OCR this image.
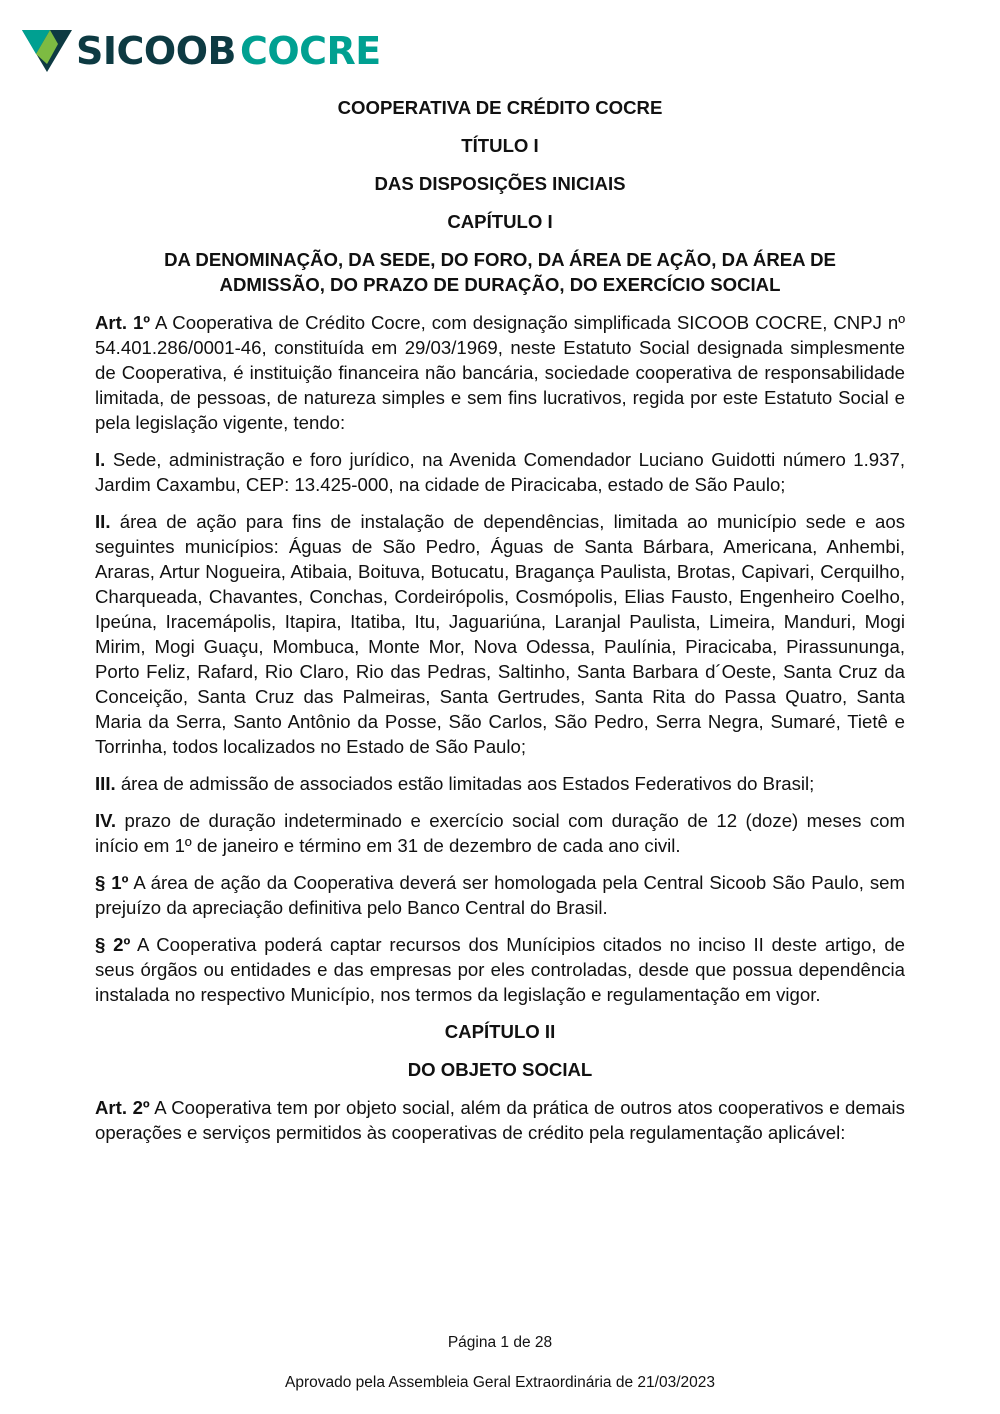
SICOOB COCRE
COOPERATIVA DE CRÉDITO COCRE
TÍTULO I
DAS DISPOSIÇÕES INICIAIS
CAPÍTULO I
DA DENOMINAÇÃO, DA SEDE, DO FORO, DA ÁREA DE AÇÃO, DA ÁREA DE ADMISSÃO, DO PRAZO DE DURAÇÃO, DO EXERCÍCIO SOCIAL

Art. 1º A Cooperativa de Crédito Cocre, com designação simplificada SICOOB COCRE, CNPJ nº 54.401.286/0001-46, constituída em 29/03/1969, neste Estatuto Social designada simplesmente de Cooperativa, é instituição financeira não bancária, sociedade cooperativa de responsabilidade limitada, de pessoas, de natureza simples e sem fins lucrativos, regida por este Estatuto Social e pela legislação vigente, tendo:

I. Sede, administração e foro jurídico, na Avenida Comendador Luciano Guidotti número 1.937, Jardim Caxambu, CEP: 13.425-000, na cidade de Piracicaba, estado de São Paulo;

II. área de ação para fins de instalação de dependências, limitada ao município sede e aos seguintes municípios: Águas de São Pedro, Águas de Santa Bárbara, Americana, Anhembi, Araras, Artur Nogueira, Atibaia, Boituva, Botucatu, Bragança Paulista, Brotas, Capivari, Cerquilho, Charqueada, Chavantes, Conchas, Cordeirópolis, Cosmópolis, Elias Fausto, Engenheiro Coelho, Ipeúna, Iracemápolis, Itapira, Itatiba, Itu, Jaguariúna, Laranjal Paulista, Limeira, Manduri, Mogi Mirim, Mogi Guaçu, Mombuca, Monte Mor, Nova Odessa, Paulínia, Piracicaba, Pirassununga, Porto Feliz, Rafard, Rio Claro, Rio das Pedras, Saltinho, Santa Barbara d´Oeste, Santa Cruz da Conceição, Santa Cruz das Palmeiras, Santa Gertrudes, Santa Rita do Passa Quatro, Santa Maria da Serra, Santo Antônio da Posse, São Carlos, São Pedro, Serra Negra, Sumaré, Tietê e Torrinha, todos localizados no Estado de São Paulo;

III. área de admissão de associados estão limitadas aos Estados Federativos do Brasil;

IV. prazo de duração indeterminado e exercício social com duração de 12 (doze) meses com início em 1º de janeiro e término em 31 de dezembro de cada ano civil.

§ 1º A área de ação da Cooperativa deverá ser homologada pela Central Sicoob São Paulo, sem prejuízo da apreciação definitiva pelo Banco Central do Brasil.

§ 2º A Cooperativa poderá captar recursos dos Munícipios citados no inciso II deste artigo, de seus órgãos ou entidades e das empresas por eles controladas, desde que possua dependência instalada no respectivo Município, nos termos da legislação e regulamentação em vigor.

CAPÍTULO II
DO OBJETO SOCIAL

Art. 2º A Cooperativa tem por objeto social, além da prática de outros atos cooperativos e demais operações e serviços permitidos às cooperativas de crédito pela regulamentação aplicável:

Página 1 de 28
Aprovado pela Assembleia Geral Extraordinária de 21/03/2023
